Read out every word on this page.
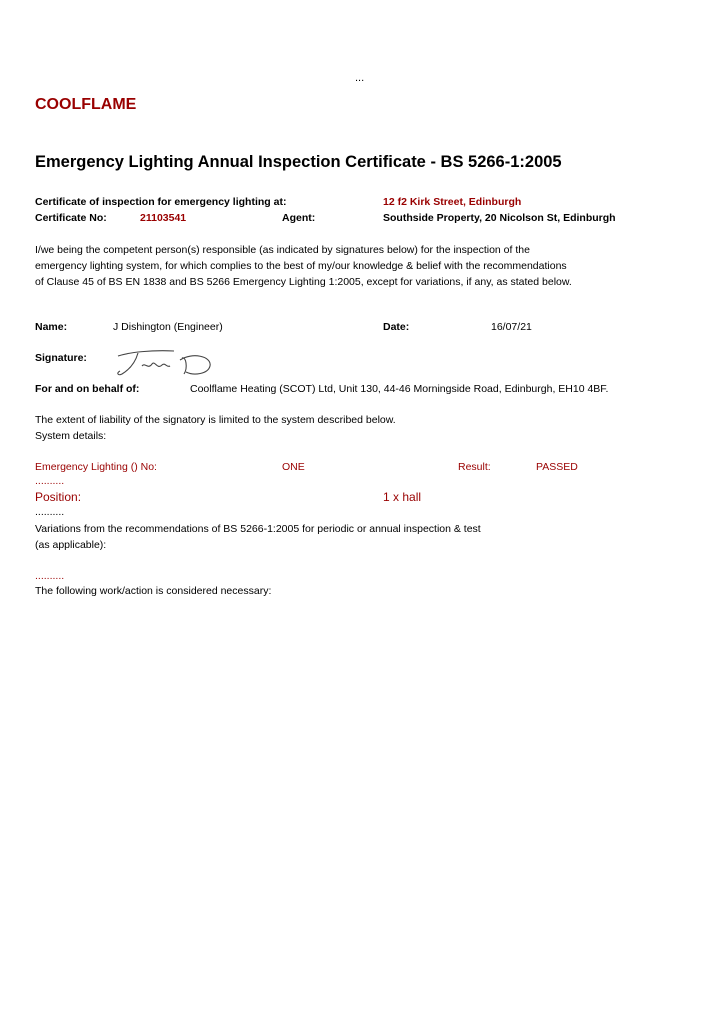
...
COOLFLAME
Emergency Lighting Annual Inspection Certificate - BS 5266-1:2005
Certificate of inspection for emergency lighting at:	12 f2 Kirk Street, Edinburgh
Certificate No:	21103541	Agent:	Southside Property, 20 Nicolson St, Edinburgh
I/we being the competent person(s) responsible (as indicated by signatures below) for the inspection of the
emergency lighting system, for which complies to the best of my/our knowledge & belief with the recommendations
of Clause 45 of BS EN 1838 and BS 5266 Emergency Lighting 1:2005, except for variations, if any, as stated below.
Name:	J Dishington (Engineer)	Date:	16/07/21
Signature:
For and on behalf of:	Coolflame Heating (SCOT) Ltd, Unit 130, 44-46 Morningside Road, Edinburgh, EH10 4BF.
The extent of liability of the signatory is limited to the system described below.
System details:
Emergency Lighting () No:	ONE	Result:	PASSED
..........
Position:	1 x hall
..........
Variations from the recommendations of BS 5266-1:2005 for periodic or annual inspection & test
(as applicable):
..........
The following work/action is considered necessary:
